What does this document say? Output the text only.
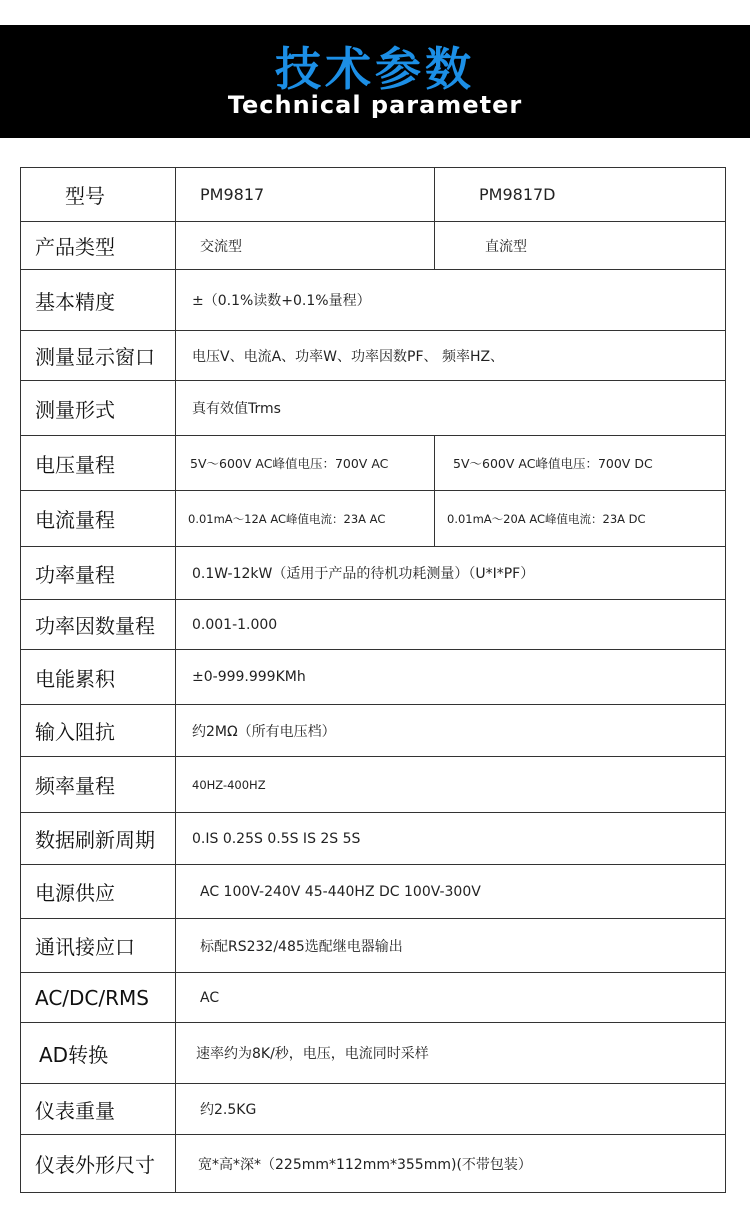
技术参数
Technical parameter
型号	PM9817	PM9817D
产品类型	交流型	直流型
基本精度	±（0.1%读数+0.1%量程）	
测量显示窗口	电压V、电流A、功率W、功率因数PF、 频率HZ、	
测量形式	真有效值Trms	
电压量程	5V～600V AC峰值电压：700V AC	5V～600V AC峰值电压：700V DC
电流量程	0.01mA～12A AC峰值电流：23A AC	0.01mA～20A AC峰值电流：23A DC
功率量程	0.1W-12kW（适用于产品的待机功耗测量）（U*I*PF）	
功率因数量程	0.001-1.000	
电能累积	±0-999.999KMh	
输入阻抗	约2MΩ（所有电压档）	
频率量程	40HZ-400HZ	
数据刷新周期	0.IS 0.25S 0.5S IS 2S 5S	
电源供应	AC 100V-240V 45-440HZ DC 100V-300V	
通讯接应口	标配RS232/485选配继电器输出	
AC/DC/RMS	AC	
AD转换	速率约为8K/秒，电压，电流同时采样	
仪表重量	约2.5KG	
仪表外形尺寸	宽*高*深*（225mm*112mm*355mm)(不带包装）	
